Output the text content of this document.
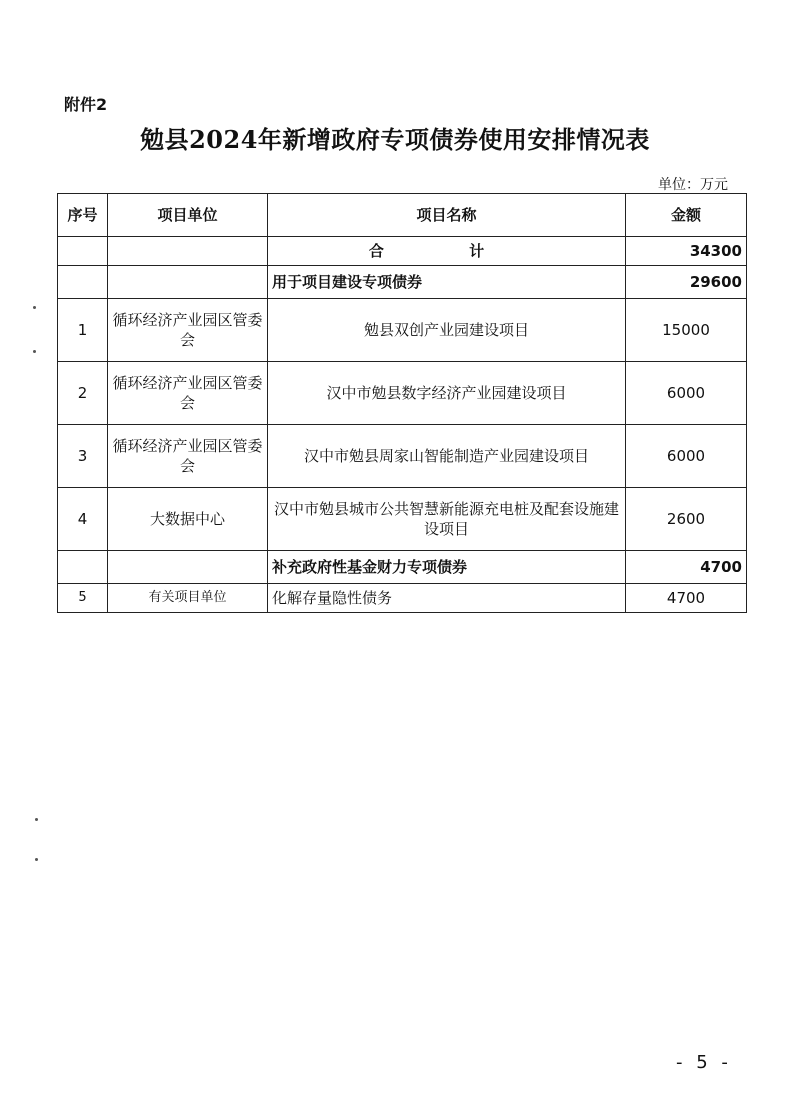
附件2
勉县2024年新增政府专项债券使用安排情况表
单位：万元
序号	项目单位	项目名称	金额
		合 计	34300
		用于项目建设专项债券	29600
1	循环经济产业园区管委会	勉县双创产业园建设项目	15000
2	循环经济产业园区管委会	汉中市勉县数字经济产业园建设项目	6000
3	循环经济产业园区管委会	汉中市勉县周家山智能制造产业园建设项目	6000
4	大数据中心	汉中市勉县城市公共智慧新能源充电桩及配套设施建设项目	2600
		补充政府性基金财力专项债券	4700
5	有关项目单位	化解存量隐性债务	4700
- 5 -
